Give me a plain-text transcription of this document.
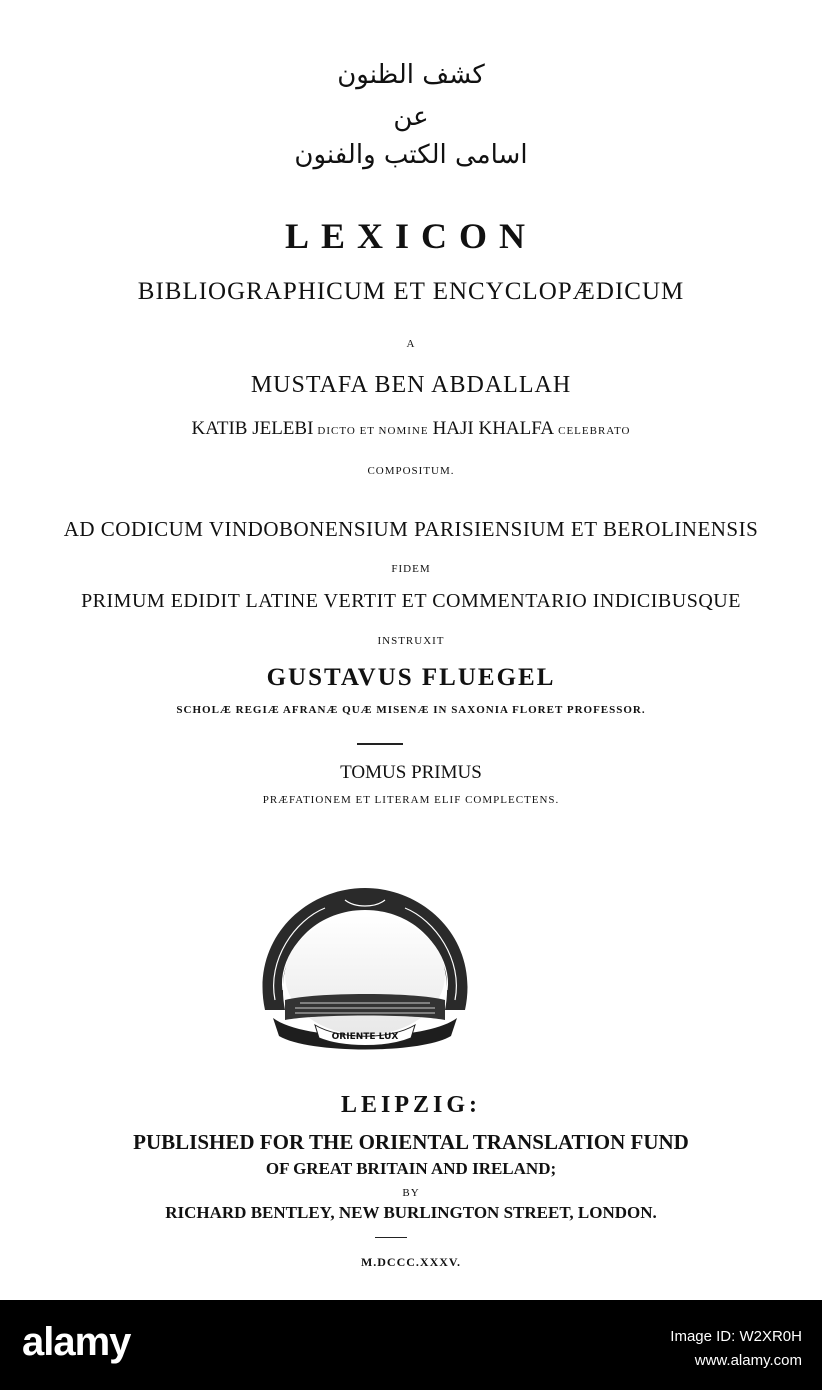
كشف الظنون
عن
اسامى الكتب والفنون
LEXICON
BIBLIOGRAPHICUM ET ENCYCLOPÆDICUM
A
MUSTAFA BEN ABDALLAH
KATIB JELEBI DICTO ET NOMINE HAJI KHALFA CELEBRATO
COMPOSITUM.
AD CODICUM VINDOBONENSIUM PARISIENSIUM ET BEROLINENSIS
FIDEM
PRIMUM EDIDIT LATINE VERTIT ET COMMENTARIO INDICIBUSQUE
INSTRUXIT
GUSTAVUS FLUEGEL
SCHOLÆ REGIÆ AFRANÆ QUÆ MISENÆ IN SAXONIA FLORET PROFESSOR.
TOMUS PRIMUS
PRÆFATIONEM ET LITERAM ELIF COMPLECTENS.
ORIENTE LUX
LEIPZIG:
PUBLISHED FOR THE ORIENTAL TRANSLATION FUND
OF GREAT BRITAIN AND IRELAND;
BY
RICHARD BENTLEY, NEW BURLINGTON STREET, LONDON.
M.DCCC.XXXV.
alamy	Image ID: W2XR0H
www.alamy.com
